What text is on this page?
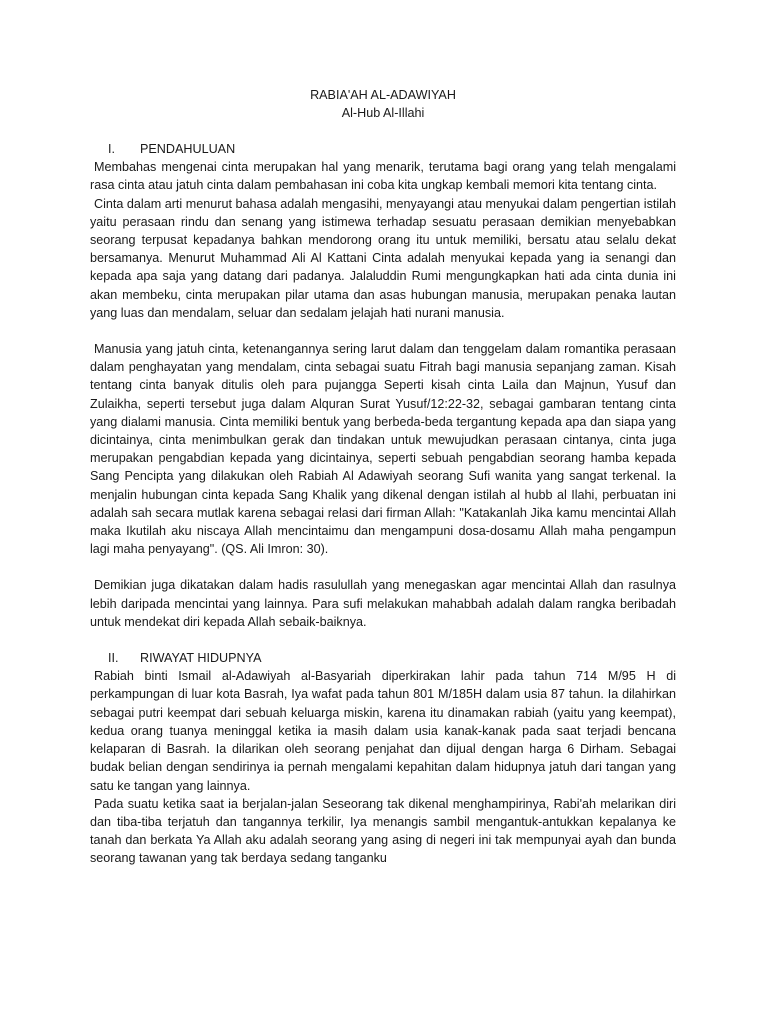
RABIA'AH AL-ADAWIYAH
Al-Hub Al-Illahi
I.	PENDAHULUAN

Membahas mengenai cinta merupakan hal yang menarik, terutama bagi orang yang telah mengalami rasa cinta atau jatuh cinta dalam pembahasan ini coba kita ungkap kembali memori kita tentang cinta.

Cinta dalam arti menurut bahasa adalah mengasihi, menyayangi atau menyukai dalam pengertian istilah yaitu perasaan rindu dan senang yang istimewa terhadap sesuatu perasaan demikian menyebabkan seorang terpusat kepadanya bahkan mendorong orang itu untuk memiliki, bersatu atau selalu dekat bersamanya. Menurut Muhammad Ali Al Kattani Cinta adalah menyukai kepada yang ia senangi dan kepada apa saja yang datang dari padanya. Jalaluddin Rumi mengungkapkan hati ada cinta dunia ini akan membeku, cinta merupakan pilar utama dan asas hubungan manusia, merupakan penaka lautan yang luas dan mendalam, seluar dan sedalam jelajah hati nurani manusia.

Manusia yang jatuh cinta, ketenangannya sering larut dalam dan tenggelam dalam romantika perasaan dalam penghayatan yang mendalam, cinta sebagai suatu Fitrah bagi manusia sepanjang zaman. Kisah tentang cinta banyak ditulis oleh para pujangga Seperti kisah cinta Laila dan Majnun, Yusuf dan Zulaikha, seperti tersebut juga dalam Alquran Surat Yusuf/12:22-32, sebagai gambaran tentang cinta yang dialami manusia. Cinta memiliki bentuk yang berbeda-beda tergantung kepada apa dan siapa yang dicintainya, cinta menimbulkan gerak dan tindakan untuk mewujudkan perasaan cintanya, cinta juga merupakan pengabdian kepada yang dicintainya, seperti sebuah pengabdian seorang hamba kepada Sang Pencipta yang dilakukan oleh Rabiah Al Adawiyah seorang Sufi wanita yang sangat terkenal. Ia menjalin hubungan cinta kepada Sang Khalik yang dikenal dengan istilah al hubb al Ilahi, perbuatan ini adalah sah secara mutlak karena sebagai relasi dari firman Allah: "Katakanlah Jika kamu mencintai Allah maka Ikutilah aku niscaya Allah mencintaimu dan mengampuni dosa-dosamu Allah maha pengampun lagi maha penyayang". (QS. Ali Imron: 30).

Demikian juga dikatakan dalam hadis rasulullah yang menegaskan agar mencintai Allah dan rasulnya lebih daripada mencintai yang lainnya. Para sufi melakukan mahabbah adalah dalam rangka beribadah untuk mendekat diri kepada Allah sebaik-baiknya.

II.	RIWAYAT HIDUPNYA

Rabiah binti Ismail al-Adawiyah al-Basyariah diperkirakan lahir pada tahun 714 M/95 H di perkampungan di luar kota Basrah, Iya wafat pada tahun 801 M/185H dalam usia 87 tahun. Ia dilahirkan sebagai putri keempat dari sebuah keluarga miskin, karena itu dinamakan rabiah (yaitu yang keempat), kedua orang tuanya meninggal ketika ia masih dalam usia kanak-kanak pada saat terjadi bencana kelaparan di Basrah. Ia dilarikan oleh seorang penjahat dan dijual dengan harga 6 Dirham. Sebagai budak belian dengan sendirinya ia pernah mengalami kepahitan dalam hidupnya jatuh dari tangan yang satu ke tangan yang lainnya.

Pada suatu ketika saat ia berjalan-jalan Seseorang tak dikenal menghampirinya, Rabi'ah melarikan diri dan tiba-tiba terjatuh dan tangannya terkilir, Iya menangis sambil mengantuk-antukkan kepalanya ke tanah dan berkata Ya Allah aku adalah seorang yang asing di negeri ini tak mempunyai ayah dan bunda seorang tawanan yang tak berdaya sedang tanganku
